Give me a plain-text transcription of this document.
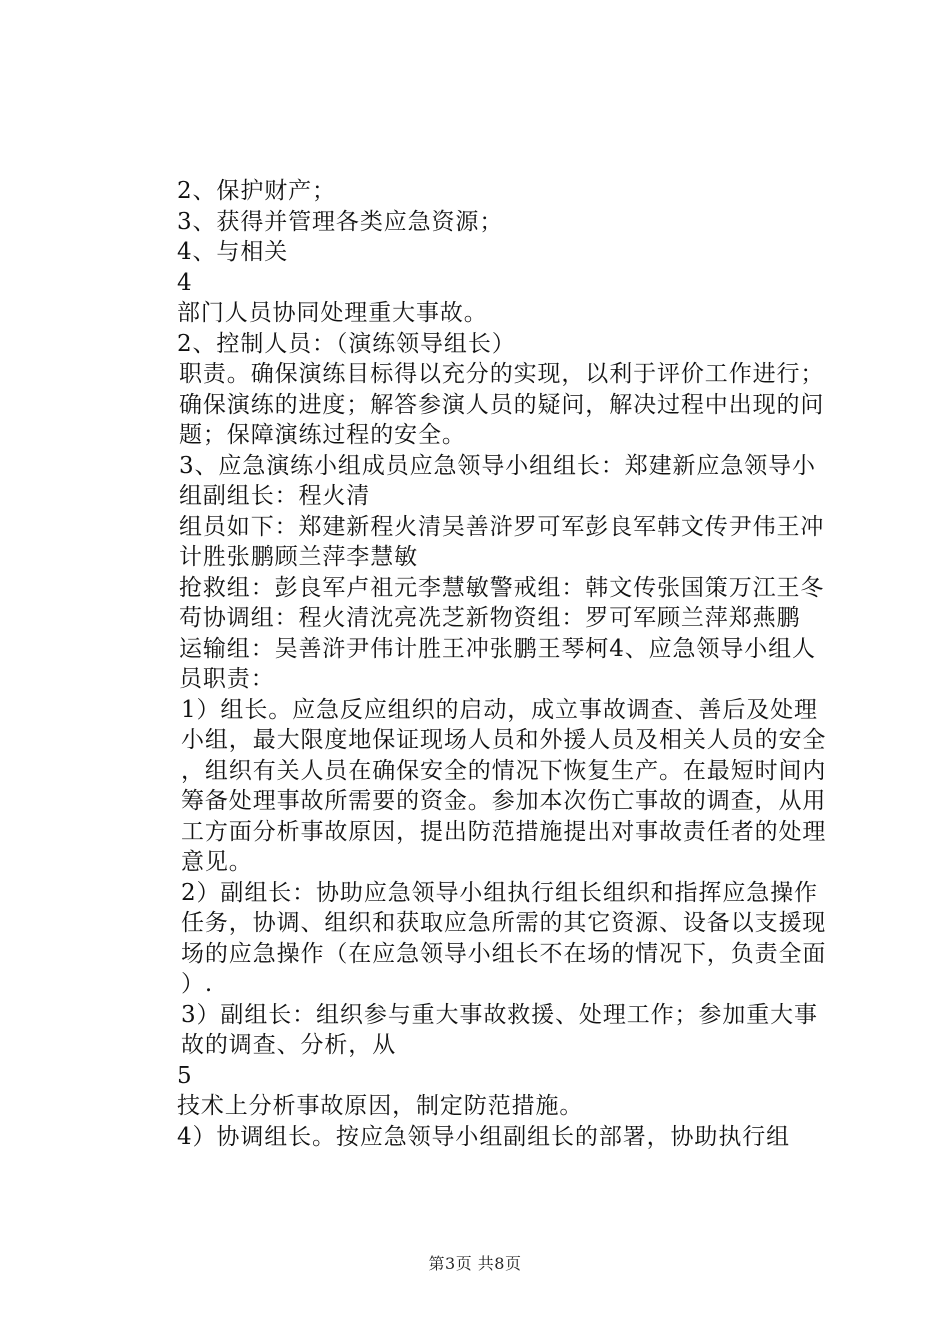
2、保护财产；

3、获得并管理各类应急资源；

4、与相关

4

部门人员协同处理重大事故。

2、控制人员：（演练领导组长）

职责。确保演练目标得以充分的实现，以利于评价工作进行；确保演练的进度；解答参演人员的疑问，解决过程中出现的问题；保障演练过程的安全。

3、应急演练小组成员应急领导小组组长：郑建新应急领导小组副组长：程火清

组员如下：郑建新程火清吴善浒罗可军彭良军韩文传尹伟王冲计胜张鹏顾兰萍李慧敏

抢救组：彭良军卢祖元李慧敏警戒组：韩文传张国策万江王冬苟协调组：程火清沈亮冼芝新物资组：罗可军顾兰萍郑燕鹏

运输组：吴善浒尹伟计胜王冲张鹏王琴柯4、应急领导小组人员职责：

1）组长。应急反应组织的启动，成立事故调查、善后及处理小组，最大限度地保证现场人员和外援人员及相关人员的安全，组织有关人员在确保安全的情况下恢复生产。在最短时间内筹备处理事故所需要的资金。参加本次伤亡事故的调查，从用工方面分析事故原因，提出防范措施提出对事故责任者的处理意见。

2）副组长：协助应急领导小组执行组长组织和指挥应急操作任务，协调、组织和获取应急所需的其它资源、设备以支援现场的应急操作（在应急领导小组长不在场的情况下，负责全面）.

3）副组长：组织参与重大事故救援、处理工作；参加重大事故的调查、分析，从

5

技术上分析事故原因，制定防范措施。

4）协调组长。按应急领导小组副组长的部署，协助执行组

第3页 共8页
